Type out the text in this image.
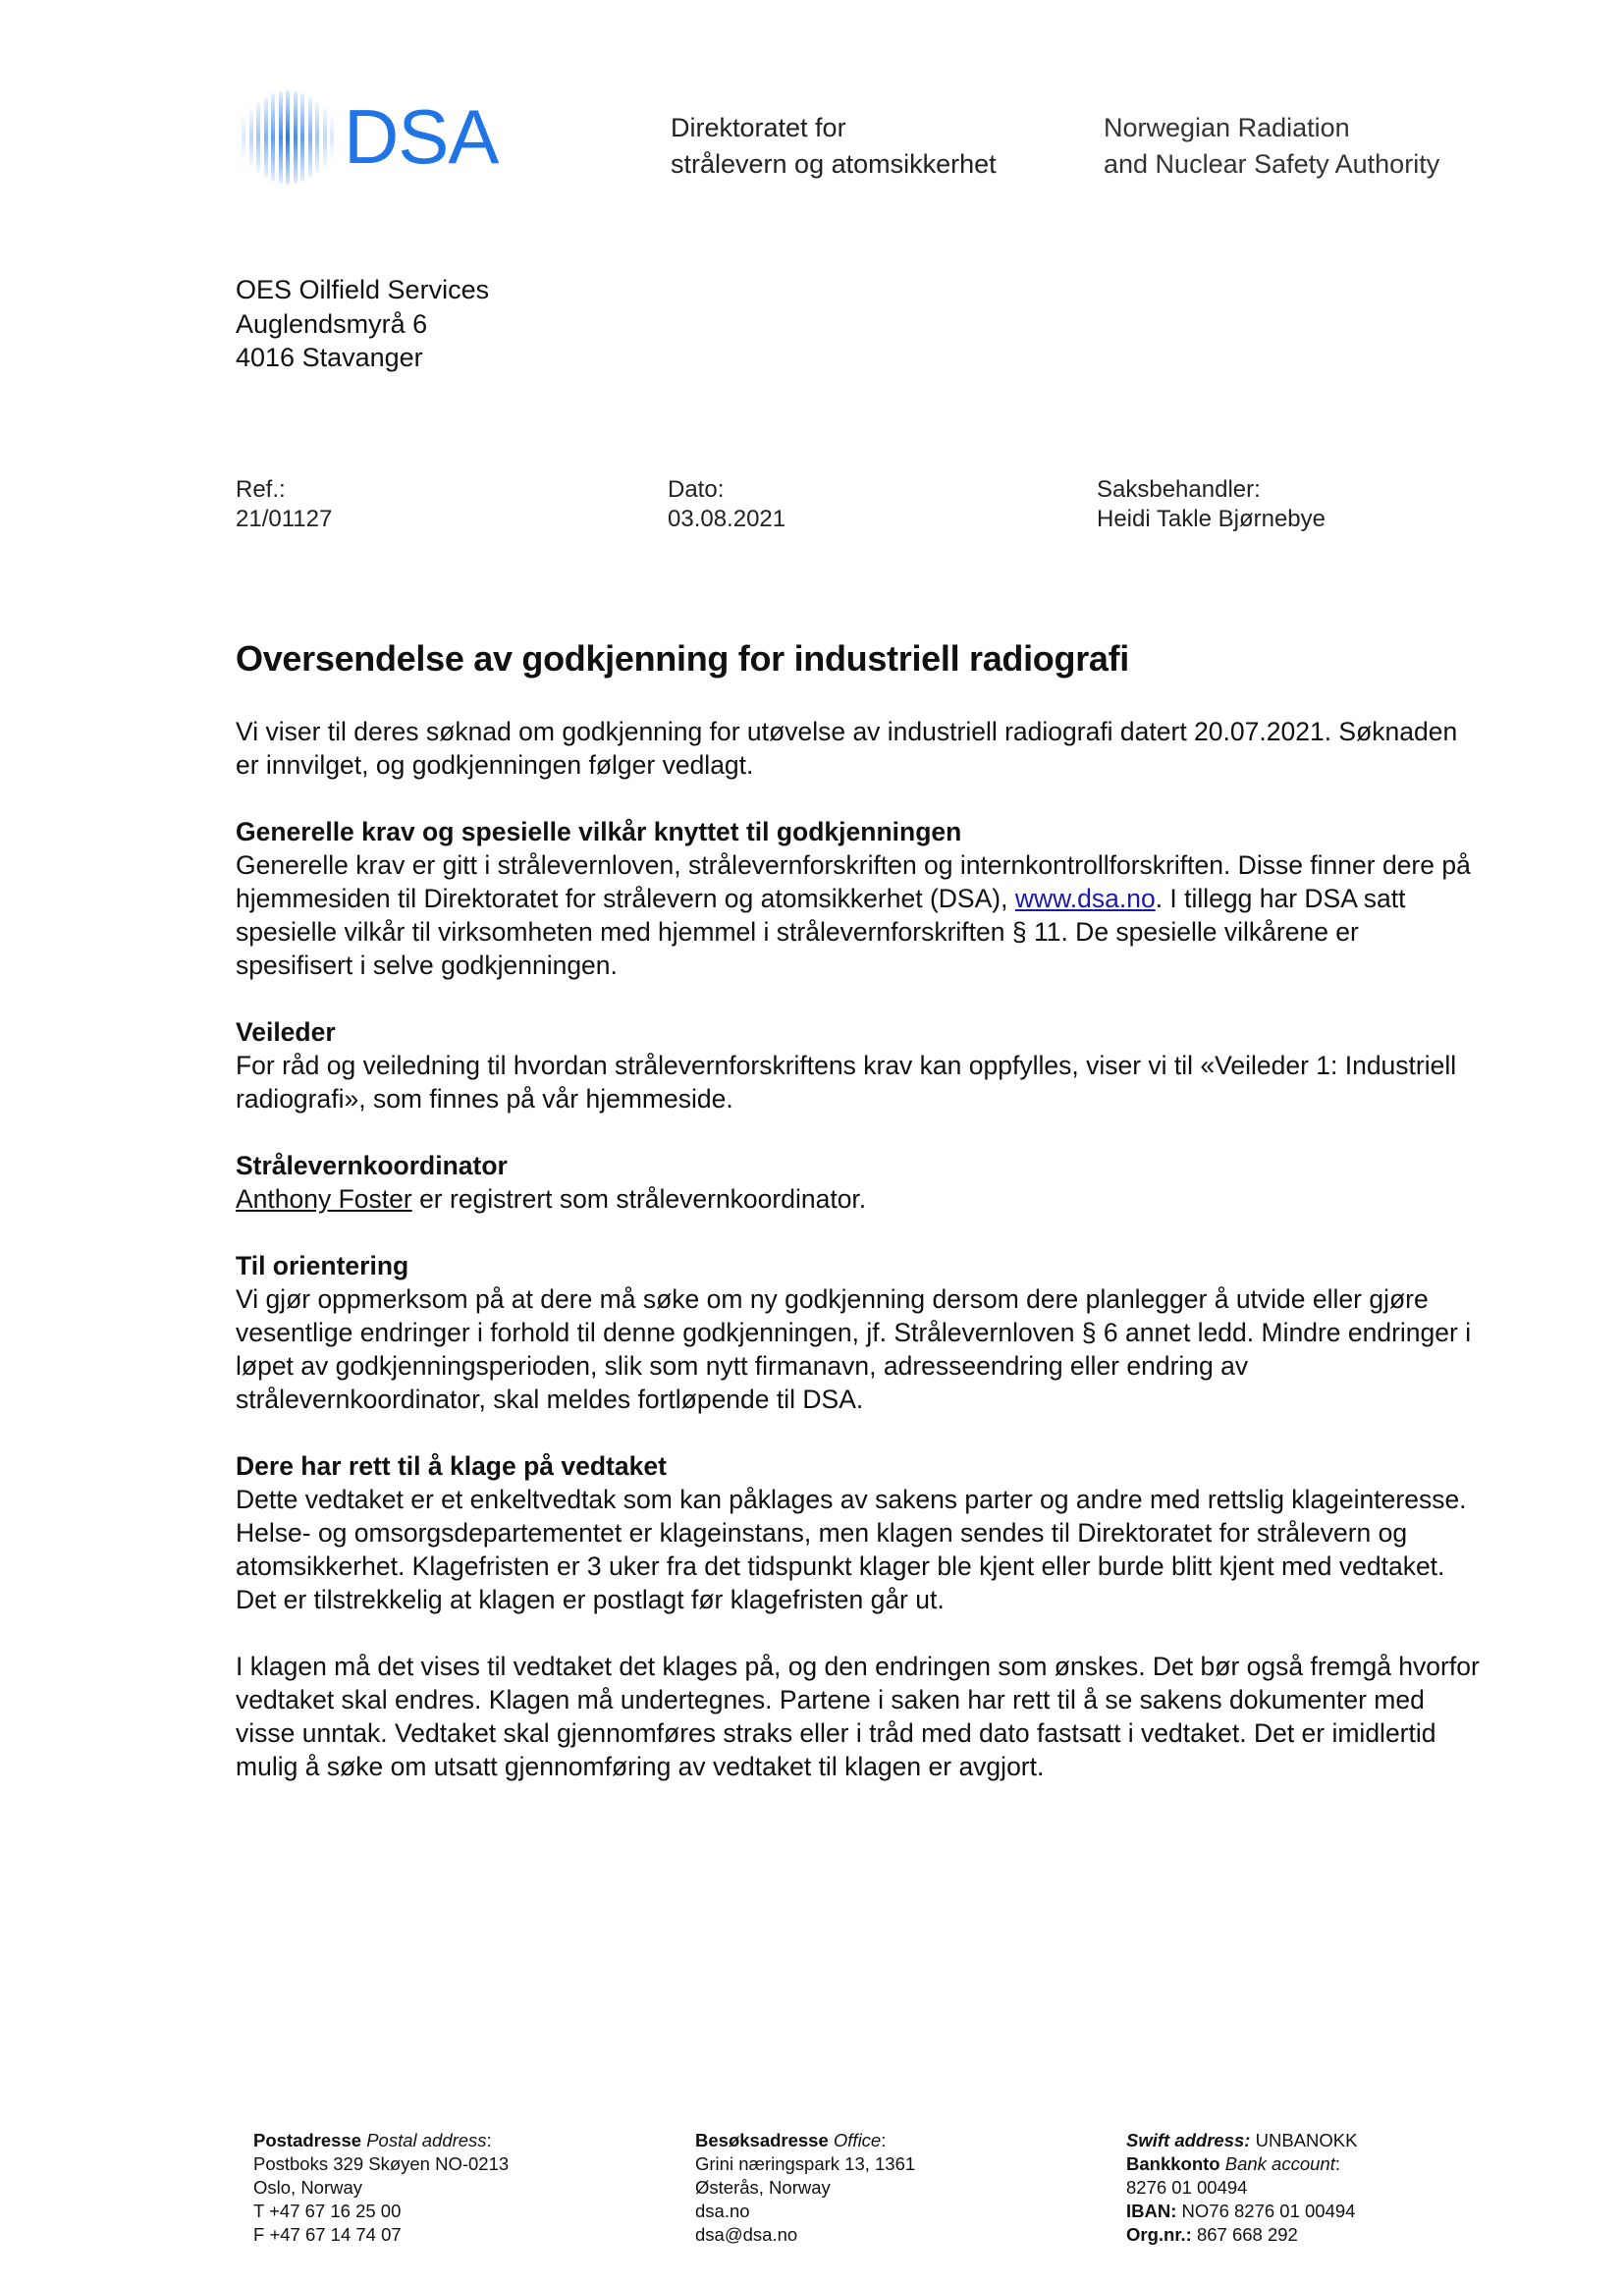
DSA	Direktoratet for
strålevern og atomsikkerhet
Norwegian Radiation
and Nuclear Safety Authority
OES Oilfield Services
Auglendsmyrå 6
4016 Stavanger
Ref.:
21/01127
Dato:
03.08.2021
Saksbehandler:
Heidi Takle Bjørnebye
Oversendelse av godkjenning for industriell radiografi

Vi viser til deres søknad om godkjenning for utøvelse av industriell radiografi datert 20.07.2021. Søknaden er innvilget, og godkjenningen følger vedlagt.

Generelle krav og spesielle vilkår knyttet til godkjenningen

Generelle krav er gitt i strålevernloven, strålevernforskriften og internkontrollforskriften. Disse finner dere på hjemmesiden til Direktoratet for strålevern og atomsikkerhet (DSA), www.dsa.no. I tillegg har DSA satt spesielle vilkår til virksomheten med hjemmel i strålevernforskriften § 11. De spesielle vilkårene er spesifisert i selve godkjenningen.

Veileder

For råd og veiledning til hvordan strålevernforskriftens krav kan oppfylles, viser vi til «Veileder 1: Industriell radiografi», som finnes på vår hjemmeside.

Strålevernkoordinator

Anthony Foster er registrert som strålevernkoordinator.

Til orientering

Vi gjør oppmerksom på at dere må søke om ny godkjenning dersom dere planlegger å utvide eller gjøre vesentlige endringer i forhold til denne godkjenningen, jf. Strålevernloven § 6 annet ledd. Mindre endringer i løpet av godkjenningsperioden, slik som nytt firmanavn, adresseendring eller endring av strålevernkoordinator, skal meldes fortløpende til DSA.

Dere har rett til å klage på vedtaket

Dette vedtaket er et enkeltvedtak som kan påklages av sakens parter og andre med rettslig klageinteresse. Helse- og omsorgsdepartementet er klageinstans, men klagen sendes til Direktoratet for strålevern og atomsikkerhet. Klagefristen er 3 uker fra det tidspunkt klager ble kjent eller burde blitt kjent med vedtaket. Det er tilstrekkelig at klagen er postlagt før klagefristen går ut.

I klagen må det vises til vedtaket det klages på, og den endringen som ønskes. Det bør også fremgå hvorfor vedtaket skal endres. Klagen må undertegnes. Partene i saken har rett til å se sakens dokumenter med visse unntak. Vedtaket skal gjennomføres straks eller i tråd med dato fastsatt i vedtaket. Det er imidlertid mulig å søke om utsatt gjennomføring av vedtaket til klagen er avgjort.

Postadresse Postal address:
Postboks 329 Skøyen NO-0213
Oslo, Norway
T +47 67 16 25 00
F +47 67 14 74 07
Besøksadresse Office:
Grini næringspark 13, 1361
Østerås, Norway
dsa.no
dsa@dsa.no
Swift address: UNBANOKK
Bankkonto Bank account:
8276 01 00494
IBAN: NO76 8276 01 00494
Org.nr.: 867 668 292
